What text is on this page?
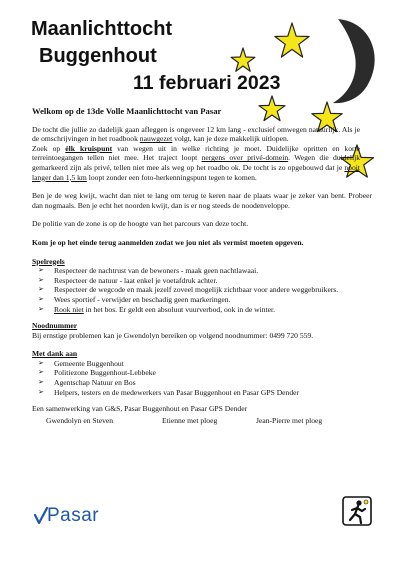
Maanlichttocht
Buggenhout
11 februari 2023

Welkom op de 13de Volle Maanlichttocht van Pasar

De tocht die jullie zo dadelijk gaan afleggen is ongeveer 12 km lang - exclusief omwegen natuurlijk. Als je de omschrijvingen in het roadbook nauwgezet volgt, kan je deze makkelijk uitlopen.
Zoek op élk kruispunt van wegen uit in welke richting je moet. Duidelijke opritten en korte terreintoegangen tellen niet mee. Het traject loopt nergens over privé-domein. Wegen die duidelijk gemarkeerd zijn als privé, tellen niet mee als weg op het roadbo ok. De tocht is zo opgebouwd dat je nooit langer dan 1,5 km loopt zonder een foto-herkenningspunt tegen te komen.

Ben je de weg kwijt, wacht dan niet te lang om terug te keren naar de plaats waar je zeker van bent. Probeer dan nogmaals. Ben je echt het noorden kwijt, dan is er nog steeds de noodenveloppe.

De politie van de zone is op de hoogte van het parcours van deze tocht.

Kom je op het einde terug aanmelden zodat we jou niet als vermist moeten opgeven.

Spelregels

➢ Respecteer de nachtrust van de bewoners - maak geen nachtlawaai.
➢ Respecteer de natuur - laat enkel je voetafdruk achter.
➢ Respecteer de wegcode en maak jezelf zoveel mogelijk zichtbaar voor andere weggebruikers.
➢ Wees sportief - verwijder en beschadig geen markeringen.
➢ Rook niet in het bos. Er geldt een absoluut vuurverbod, ook in de winter.

Noodnummer

Bij ernstige problemen kan je Gwendolyn bereiken op volgend noodnummer: 0499 720 559.

Met dank aan

➢ Gemeente Buggenhout
➢ Politiezone Buggenhout-Lebbeke
➢ Agentschap Natuur en Bos
➢ Helpers, testers en de medewerkers van Pasar Buggenhout en Pasar GPS Dender

Een samenwerking van G&S, Pasar Buggenhout en Pasar GPS Dender

Gwendolyn en Steven	Etienne met ploeg	Jean-Pierre met ploeg
Pasar
